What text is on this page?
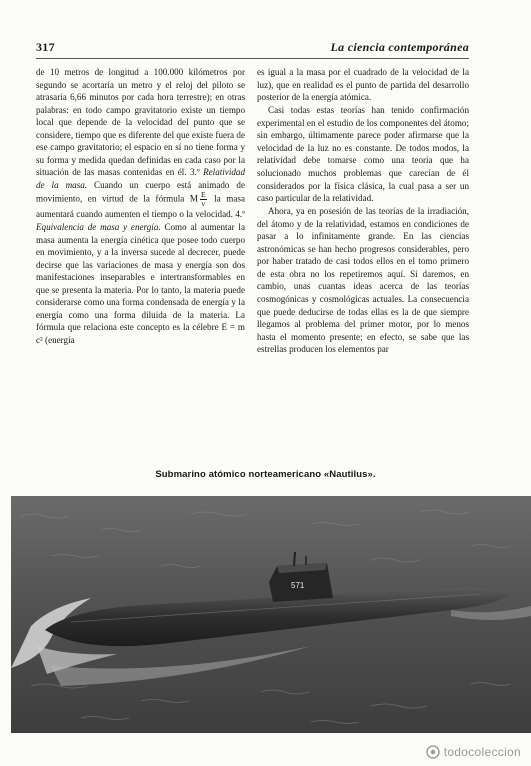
317	La ciencia contemporánea

de 10 metros de longitud a 100.000 kilómetros por segundo se acortaría un metro y el reloj del piloto se atrasaría 6,66 minutos por cada hora terrestre); en otras palabras: en todo campo gravitatorio existe un tiempo local que depende de la velocidad del punto que se considere, tiempo que es diferente del que existe fuera de ese campo gravitatorio; el espacio en sí no tiene forma y su forma y medida quedan definidas en cada caso por la situación de las masas contenidas en él. 3.º Relatividad de la masa. Cuando un cuerpo está animado de movimiento, en virtud de la fórmula M $\frac{E}{v}$ la masa aumentará cuando aumenten el tiempo o la velocidad. 4.º Equivalencia de masa y energía. Como al aumentar la masa aumenta la energía cinética que posee todo cuerpo en movimiento, y a la inversa sucede al decrecer, puede decirse que las variaciones de masa y energía son dos manifestaciones inseparables e intertransformables en que se presenta la materia. Por lo tanto, la materia puede considerarse como una forma condensada de energía y la energía como una forma diluida de la materia. La fórmula que relaciona este concepto es la célebre E = m c² (energía

es igual a la masa por el cuadrado de la velocidad de la luz), que en realidad es el punto de partida del desarrollo posterior de la energía atómica.

Casi todas estas teorías han tenido confirmación experimental en el estudio de los componentes del átomo; sin embargo, últimamente parece poder afirmarse que la velocidad de la luz no es constante. De todos modos, la relatividad debe tomarse como una teoría que ha solucionado muchos problemas que carecían de él considerados por la física clásica, la cual pasa a ser un caso particular de la relatividad.

Ahora, ya en posesión de las teorías de la irradiación, del átomo y de la relatividad, estamos en condiciones de pasar a lo infinitamente grande. En las ciencias astronómicas se han hecho progresos considerables, pero por haber tratado de casi todos ellos en el tomo primero de esta obra no los repetiremos aquí. Sí daremos, en cambio, unas cuantas ideas acerca de las teorías cosmogónicas y cosmológicas actuales. La consecuencia que puede deducirse de todas ellas es la de que siempre llegamos al problema del primer motor, por lo menos hasta el momento presente; en efecto, se sabe que las estrellas producen los elementos par

Submarino atómico norteamericano «Nautilus».
571
todocoleccion
